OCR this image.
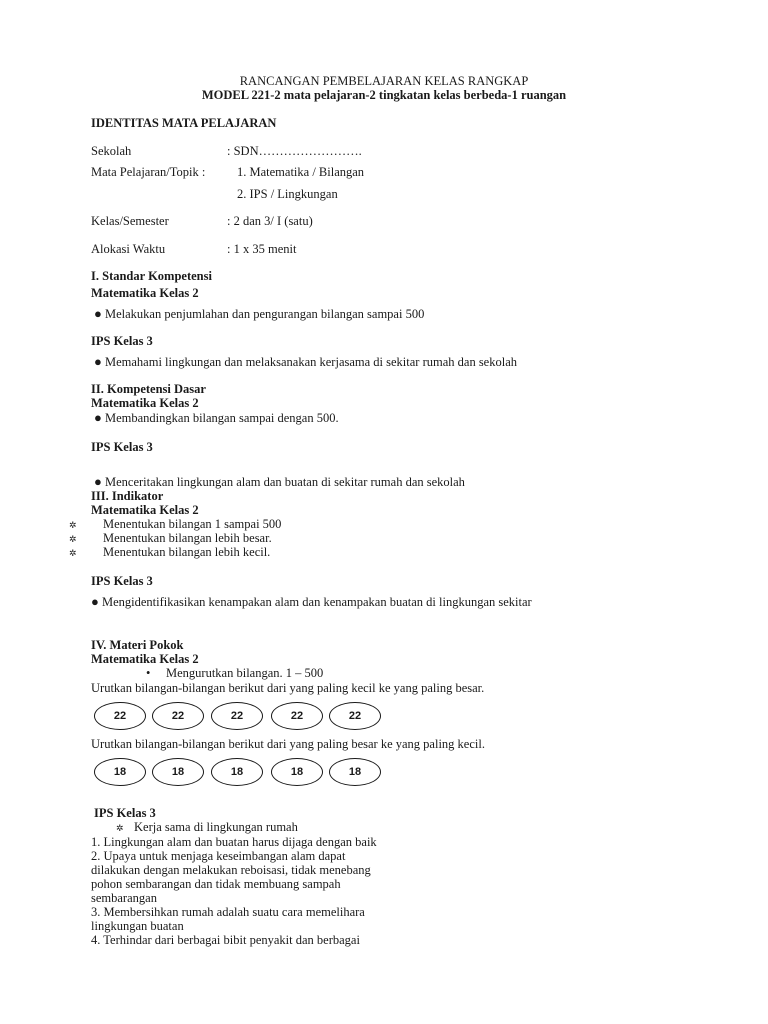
RANCANGAN PEMBELAJARAN KELAS RANGKAP
MODEL 221-2 mata pelajaran-2 tingkatan kelas berbeda-1 ruangan
IDENTITAS MATA PELAJARAN
Sekolah	: SDN…………………….
Mata Pelajaran/Topik :	1. Matematika / Bilangan
2. IPS / Lingkungan
Kelas/Semester	: 2 dan 3/ I (satu)
Alokasi Waktu	: 1 x 35 menit
I. Standar Kompetensi
Matematika Kelas 2
● Melakukan penjumlahan dan pengurangan bilangan sampai 500
IPS Kelas 3
● Memahami lingkungan dan melaksanakan kerjasama di sekitar rumah dan sekolah
II. Kompetensi Dasar
Matematika Kelas 2
● Membandingkan bilangan sampai dengan 500.
IPS Kelas 3
● Menceritakan lingkungan alam dan buatan di sekitar rumah dan sekolah
III. Indikator
Matematika Kelas 2
✲ Menentukan bilangan 1 sampai 500
✲ Menentukan bilangan lebih besar.
✲ Menentukan bilangan lebih kecil.
IPS Kelas 3
● Mengidentifikasikan kenampakan alam dan kenampakan buatan di lingkungan sekitar
IV. Materi Pokok
Matematika Kelas 2
• Mengurutkan bilangan. 1 – 500
Urutkan bilangan-bilangan berikut dari yang paling kecil ke yang paling besar.
22	22	22	22	22
Urutkan bilangan-bilangan berikut dari yang paling besar ke yang paling kecil.
18	18	18	18	18
IPS Kelas 3
✲ Kerja sama di lingkungan rumah
1. Lingkungan alam dan buatan harus dijaga dengan baik
2. Upaya untuk menjaga keseimbangan alam dapat
dilakukan dengan melakukan reboisasi, tidak menebang
pohon sembarangan dan tidak membuang sampah
sembarangan
3. Membersihkan rumah adalah suatu cara memelihara
lingkungan buatan
4. Terhindar dari berbagai bibit penyakit dan berbagai
